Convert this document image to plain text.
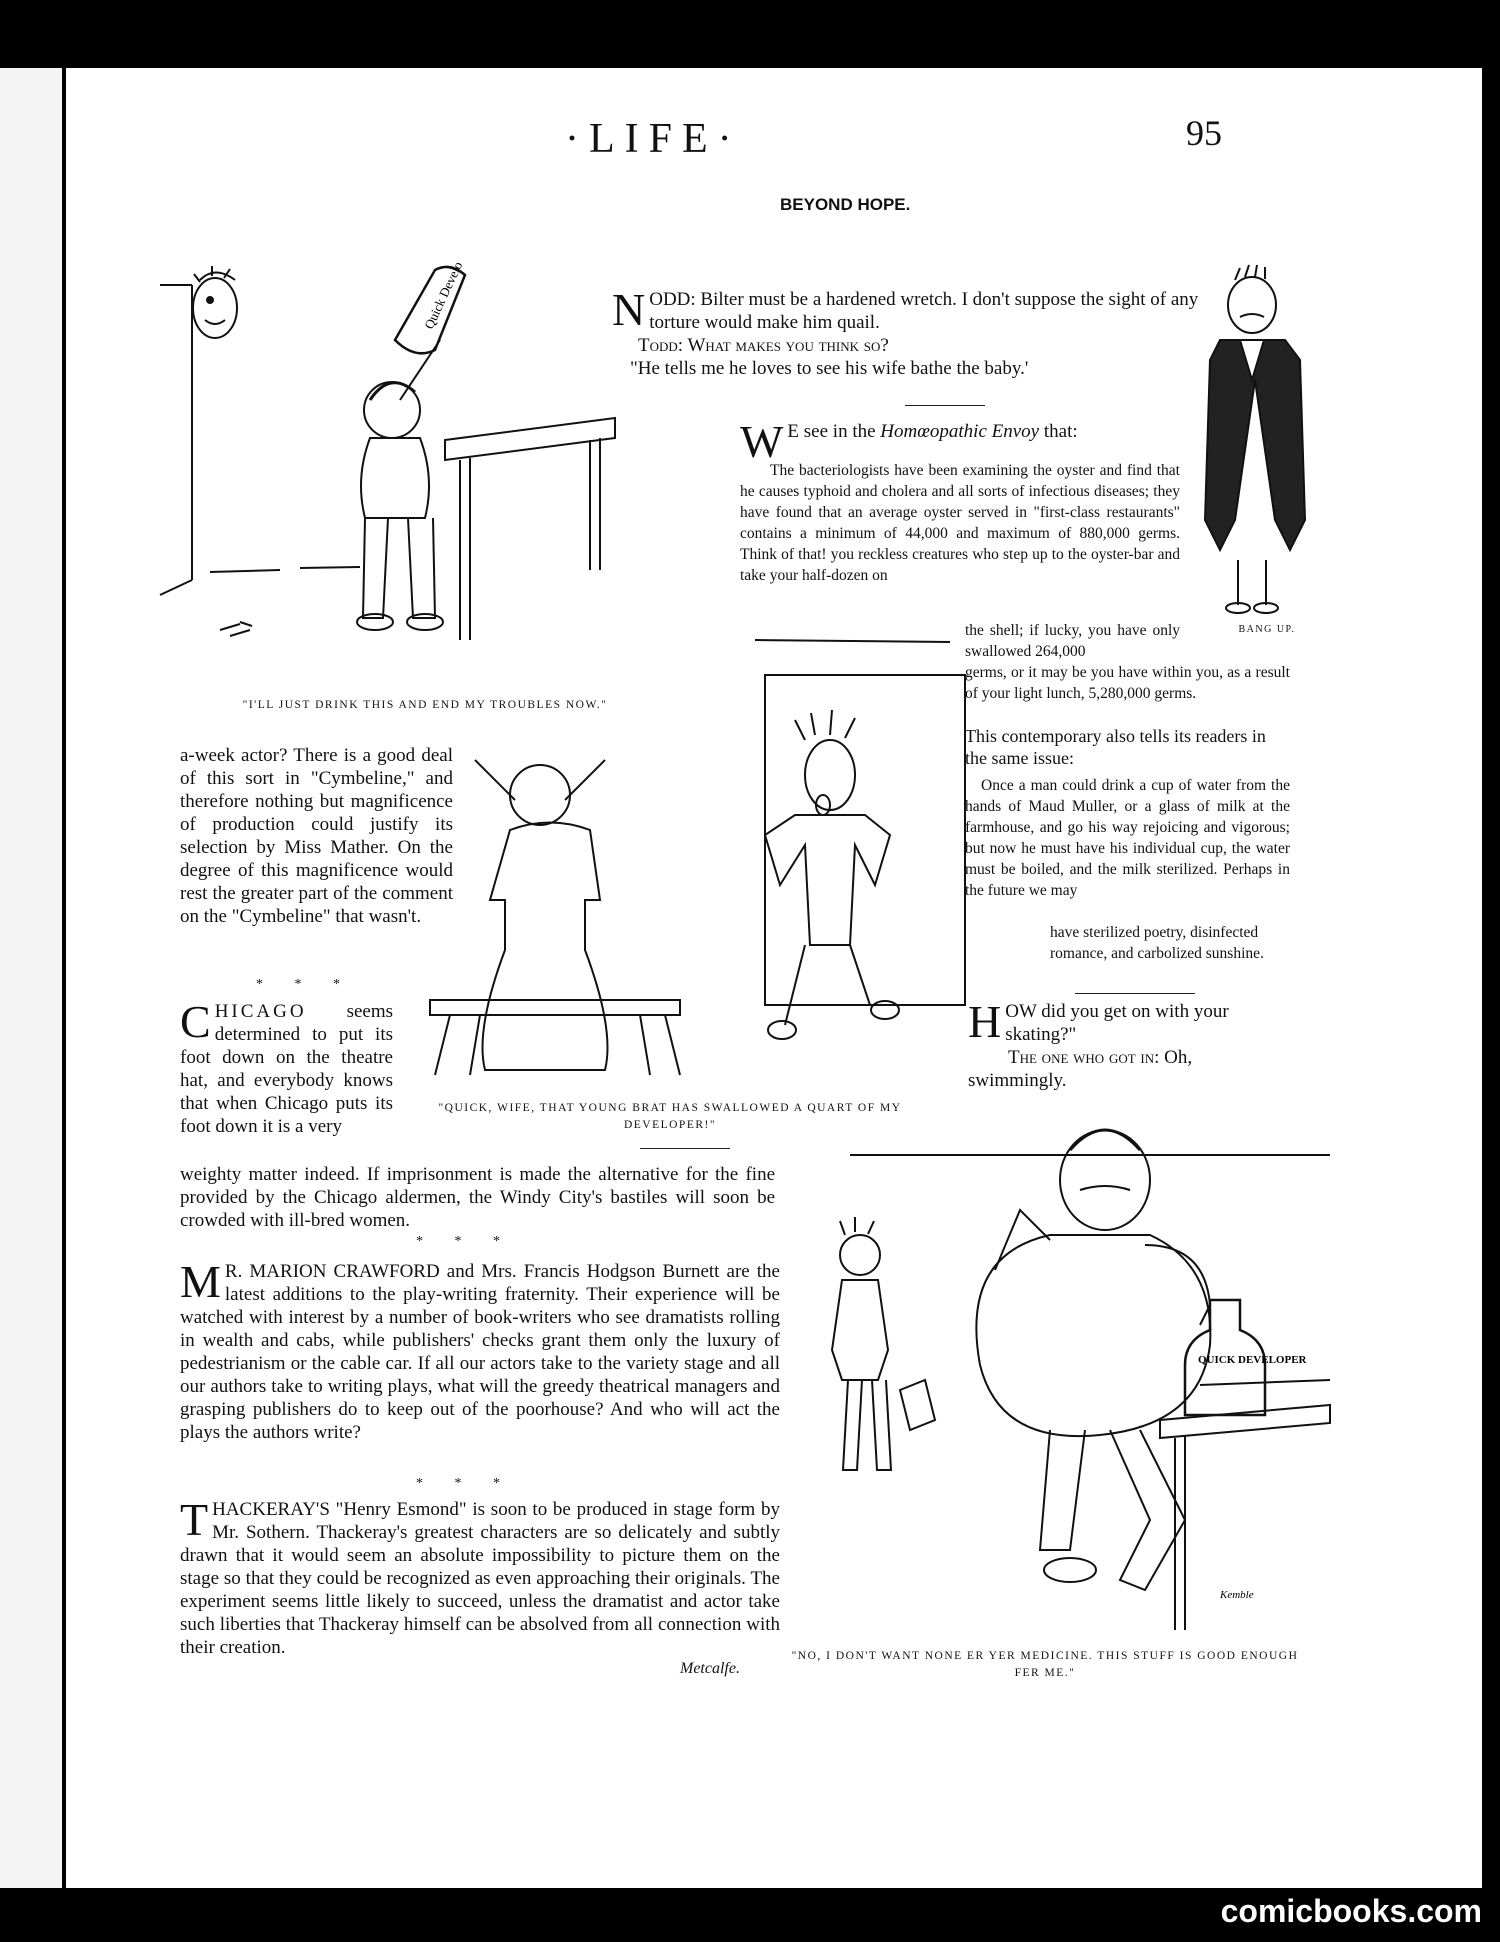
·LIFE·	95
Quick Develo
"I'LL JUST DRINK THIS AND END MY TROUBLES NOW."
BEYOND HOPE.
N ODD: Bilter must be a hardened wretch. I don't suppose the sight of any torture would make him quail.
Todd: What makes you think so?
"He tells me he loves to see his wife bathe the baby.'
BANG UP.
W E see in the Homœopathic Envoy that:
The bacteriologists have been examining the oyster and find that he causes typhoid and cholera and all sorts of infectious diseases; they have found that an average oyster served in "first-class restaurants" contains a minimum of 44,000 and maximum of 880,000 germs. Think of that! you reckless creatures who step up to the oyster-bar and take your half-dozen on
the shell; if lucky, you have only swallowed 264,000
germs, or it may be you have within you, as a result of your light lunch, 5,280,000 germs.
This contemporary also tells its readers in the same issue:
Once a man could drink a cup of water from the hands of Maud Muller, or a glass of milk at the farmhouse, and go his way rejoicing and vigorous; but now he must have his individual cup, the water must be boiled, and the milk sterilized. Perhaps in the future we may
have sterilized poetry, disinfected romance, and carbolized sunshine.
"QUICK, WIFE, THAT YOUNG BRAT HAS SWALLOWED A QUART OF MY DEVELOPER!"
a-week actor? There is a good deal of this sort in "Cymbeline," and therefore nothing but magnificence of production could justify its selection by Miss Mather. On the degree of this magnificence would rest the greater part of the comment on the "Cymbeline" that wasn't.
* * *
C HICAGO seems determined to put its foot down on the theatre hat, and everybody knows that when Chicago puts its foot down it is a very
weighty matter indeed. If imprisonment is made the alternative for the fine provided by the Chicago aldermen, the Windy City's bastiles will soon be crowded with ill-bred women.
* * *
H OW did you get on with your skating?"
The one who got in: Oh, swimmingly.
QUICK DEVELOPER
Kemble
"NO, I DON'T WANT NONE ER YER MEDICINE. THIS STUFF IS GOOD ENOUGH FER ME."
M R. MARION CRAWFORD and Mrs. Francis Hodgson Burnett are the latest additions to the play-writing fraternity. Their experience will be watched with interest by a number of book-writers who see dramatists rolling in wealth and cabs, while publishers' checks grant them only the luxury of pedestrianism or the cable car. If all our actors take to the variety stage and all our authors take to writing plays, what will the greedy theatrical managers and grasping publishers do to keep out of the poorhouse? And who will act the plays the authors write?
* * *
T HACKERAY'S "Henry Esmond" is soon to be produced in stage form by Mr. Sothern. Thackeray's greatest characters are so delicately and subtly drawn that it would seem an absolute impossibility to picture them on the stage so that they could be recognized as even approaching their originals. The experiment seems little likely to succeed, unless the dramatist and actor take such liberties that Thackeray himself can be absolved from all connection with their creation.
Metcalfe.
comicbooks.com
